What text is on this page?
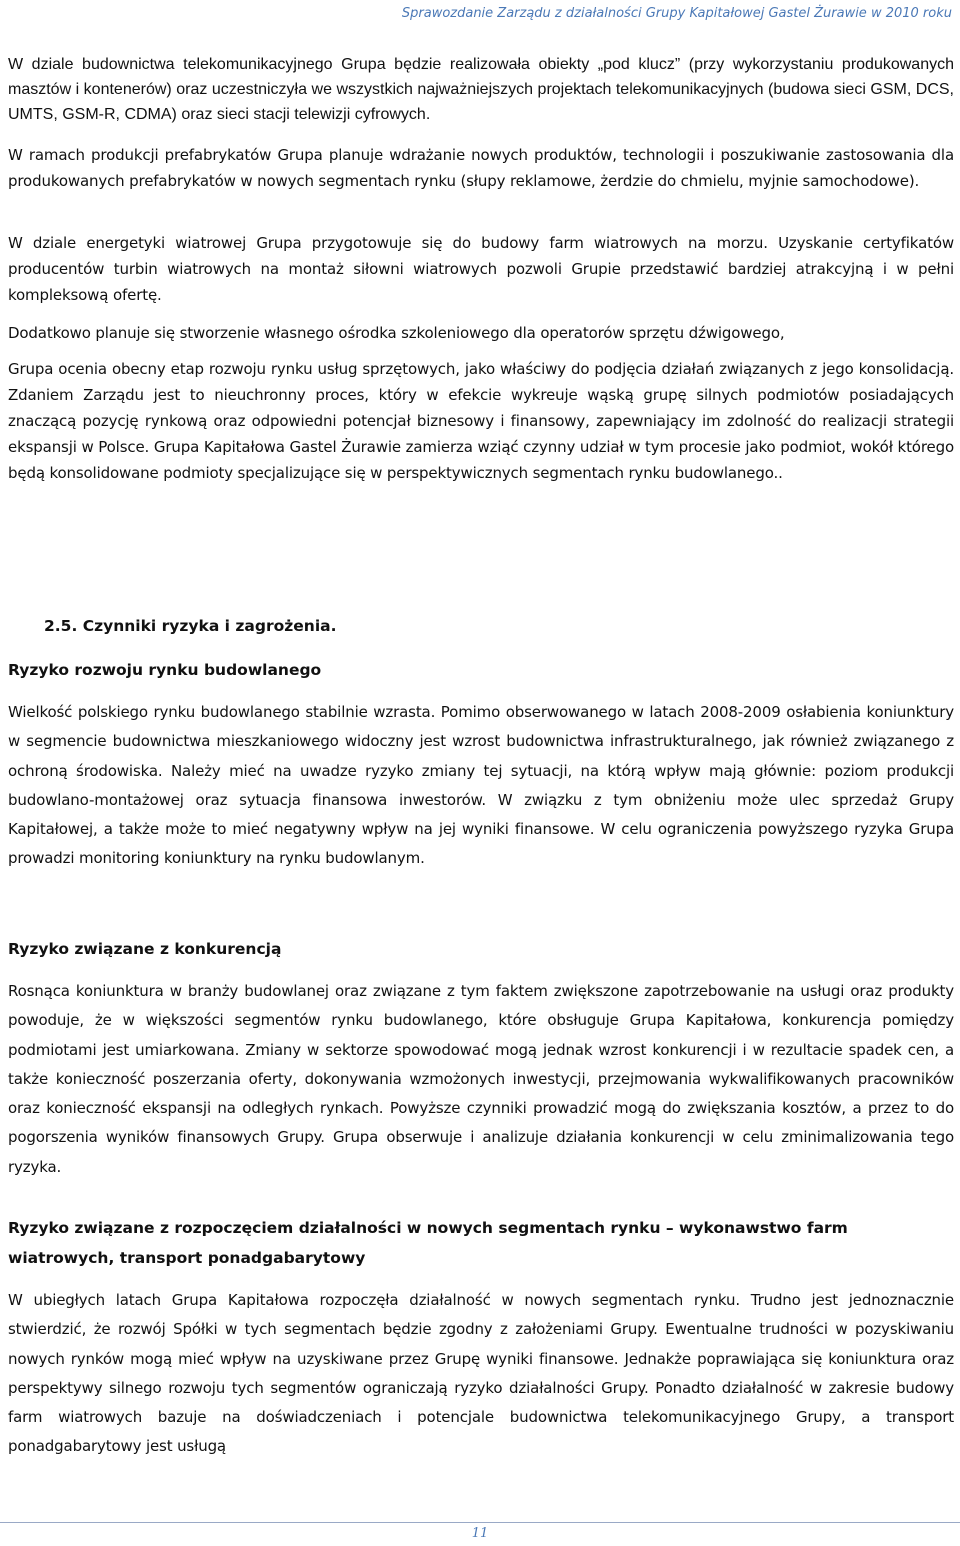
Sprawozdanie Zarządu z działalności Grupy Kapitałowej Gastel Żurawie w 2010 roku

W dziale budownictwa telekomunikacyjnego Grupa będzie realizowała obiekty „pod klucz” (przy wykorzystaniu produkowanych masztów i kontenerów) oraz uczestniczyła we wszystkich najważniejszych projektach telekomunikacyjnych (budowa sieci GSM, DCS, UMTS, GSM-R, CDMA) oraz sieci stacji telewizji cyfrowych.

W ramach produkcji prefabrykatów Grupa planuje wdrażanie nowych produktów, technologii i poszukiwanie zastosowania dla produkowanych prefabrykatów w nowych segmentach rynku (słupy reklamowe, żerdzie do chmielu, myjnie samochodowe).

W dziale energetyki wiatrowej Grupa przygotowuje się do budowy farm wiatrowych na morzu. Uzyskanie certyfikatów producentów turbin wiatrowych na montaż siłowni wiatrowych pozwoli Grupie przedstawić bardziej atrakcyjną i w pełni kompleksową ofertę.

Dodatkowo planuje się stworzenie własnego ośrodka szkoleniowego dla operatorów sprzętu dźwigowego,

Grupa ocenia obecny etap rozwoju rynku usług sprzętowych, jako właściwy do podjęcia działań związanych z jego konsolidacją. Zdaniem Zarządu jest to nieuchronny proces, który w efekcie wykreuje wąską grupę silnych podmiotów posiadających znaczącą pozycję rynkową oraz odpowiedni potencjał biznesowy i finansowy, zapewniający im zdolność do realizacji strategii ekspansji w Polsce. Grupa Kapitałowa Gastel Żurawie zamierza wziąć czynny udział w tym procesie jako podmiot, wokół którego będą konsolidowane podmioty specjalizujące się w perspektywicznych segmentach rynku budowlanego..

2.5. Czynniki ryzyka i zagrożenia.

Ryzyko rozwoju rynku budowlanego

Wielkość polskiego rynku budowlanego stabilnie wzrasta. Pomimo obserwowanego w latach 2008-2009 osłabienia koniunktury w segmencie budownictwa mieszkaniowego widoczny jest wzrost budownictwa infrastrukturalnego, jak również związanego z ochroną środowiska. Należy mieć na uwadze ryzyko zmiany tej sytuacji, na którą wpływ mają głównie: poziom produkcji budowlano-montażowej oraz sytuacja finansowa inwestorów. W związku z tym obniżeniu może ulec sprzedaż Grupy Kapitałowej, a także może to mieć negatywny wpływ na jej wyniki finansowe. W celu ograniczenia powyższego ryzyka Grupa prowadzi monitoring koniunktury na rynku budowlanym.

Ryzyko związane z konkurencją

Rosnąca koniunktura w branży budowlanej oraz związane z tym faktem zwiększone zapotrzebowanie na usługi oraz produkty powoduje, że w większości segmentów rynku budowlanego, które obsługuje Grupa Kapitałowa, konkurencja pomiędzy podmiotami jest umiarkowana. Zmiany w sektorze spowodować mogą jednak wzrost konkurencji i w rezultacie spadek cen, a także konieczność poszerzania oferty, dokonywania wzmożonych inwestycji, przejmowania wykwalifikowanych pracowników oraz konieczność ekspansji na odległych rynkach. Powyższe czynniki prowadzić mogą do zwiększania kosztów, a przez to do pogorszenia wyników finansowych Grupy. Grupa obserwuje i analizuje działania konkurencji w celu zminimalizowania tego ryzyka.

Ryzyko związane z rozpoczęciem działalności w nowych segmentach rynku – wykonawstwo farm

wiatrowych, transport ponadgabarytowy

W ubiegłych latach Grupa Kapitałowa rozpoczęła działalność w nowych segmentach rynku. Trudno jest jednoznacznie stwierdzić, że rozwój Spółki w tych segmentach będzie zgodny z założeniami Grupy. Ewentualne trudności w pozyskiwaniu nowych rynków mogą mieć wpływ na uzyskiwane przez Grupę wyniki finansowe. Jednakże poprawiająca się koniunktura oraz perspektywy silnego rozwoju tych segmentów ograniczają ryzyko działalności Grupy. Ponadto działalność w zakresie budowy farm wiatrowych bazuje na doświadczeniach i potencjale budownictwa telekomunikacyjnego Grupy, a transport ponadgabarytowy jest usługą

11
